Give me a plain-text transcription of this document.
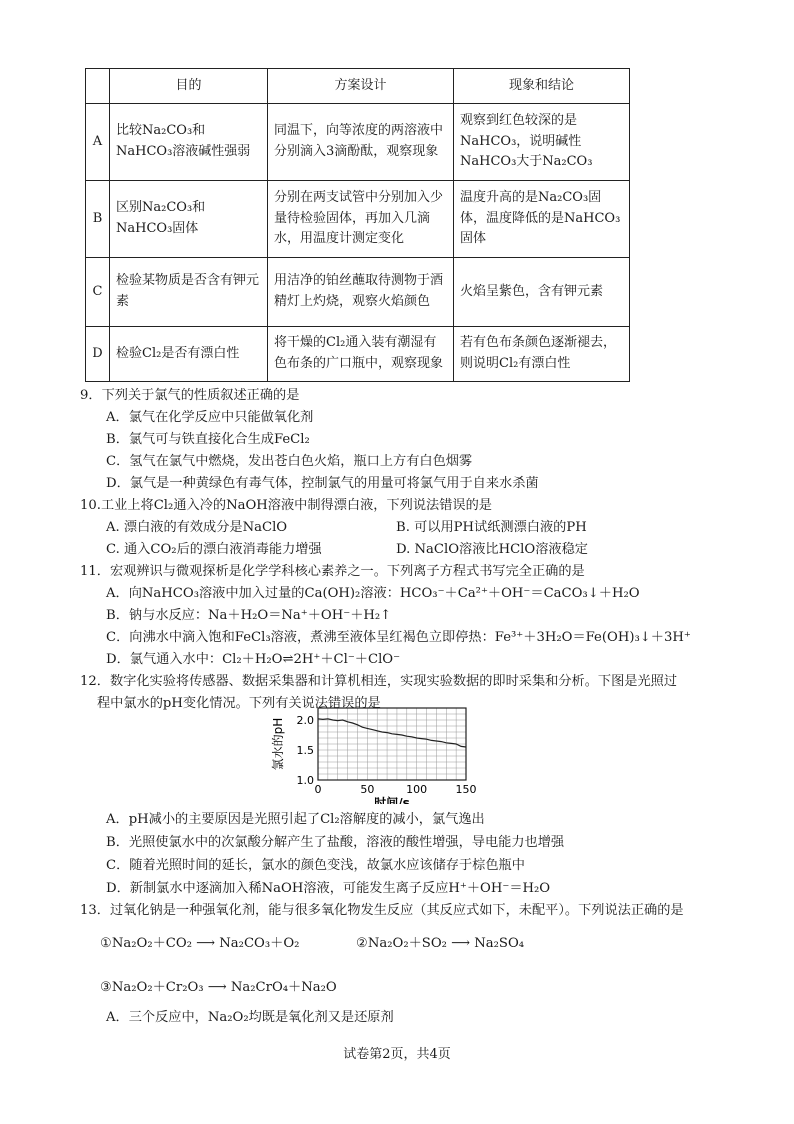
	目的	方案设计	现象和结论
A	比较Na₂CO₃和NaHCO₃溶液碱性强弱	同温下，向等浓度的两溶液中分别滴入3滴酚酞，观察现象	观察到红色较深的是NaHCO₃，说明碱性NaHCO₃大于Na₂CO₃
B	区别Na₂CO₃和NaHCO₃固体	分别在两支试管中分别加入少量待检验固体，再加入几滴水，用温度计测定变化	温度升高的是Na₂CO₃固体，温度降低的是NaHCO₃固体
C	检验某物质是否含有钾元素	用洁净的铂丝蘸取待测物于酒精灯上灼烧，观察火焰颜色	火焰呈紫色，含有钾元素
D	检验Cl₂是否有漂白性	将干燥的Cl₂通入装有潮湿有色布条的广口瓶中，观察现象	若有色布条颜色逐渐褪去，则说明Cl₂有漂白性
9．下列关于氯气的性质叙述正确的是
A．氯气在化学反应中只能做氧化剂
B．氯气可与铁直接化合生成FeCl₂
C．氢气在氯气中燃烧，发出苍白色火焰，瓶口上方有白色烟雾
D．氯气是一种黄绿色有毒气体，控制氯气的用量可将氯气用于自来水杀菌
10.工业上将Cl₂通入冷的NaOH溶液中制得漂白液，下列说法错误的是
A. 漂白液的有效成分是NaClO	B. 可以用PH试纸测漂白液的PH
C. 通入CO₂后的漂白液消毒能力增强	D. NaClO溶液比HClO溶液稳定
11．宏观辨识与微观探析是化学学科核心素养之一。下列离子方程式书写完全正确的是
A．向NaHCO₃溶液中加入过量的Ca(OH)₂溶液：HCO₃⁻＋Ca²⁺＋OH⁻＝CaCO₃↓＋H₂O
B．钠与水反应：Na＋H₂O＝Na⁺＋OH⁻＋H₂↑
C．向沸水中滴入饱和FeCl₃溶液，煮沸至液体呈红褐色立即停热：Fe³⁺＋3H₂O＝Fe(OH)₃↓＋3H⁺
D．氯气通入水中：Cl₂＋H₂O⇌2H⁺＋Cl⁻＋ClO⁻
12．数字化实验将传感器、数据采集器和计算机相连，实现实验数据的即时采集和分析。下图是光照过
程中氯水的pH变化情况。下列有关说法错误的是
1.0
1.5
2.0
0	50	100	150
氯水的pH
时间/s
A．pH减小的主要原因是光照引起了Cl₂溶解度的减小，氯气逸出
B．光照使氯水中的次氯酸分解产生了盐酸，溶液的酸性增强，导电能力也增强
C．随着光照时间的延长，氯水的颜色变浅，故氯水应该储存于棕色瓶中
D．新制氯水中逐滴加入稀NaOH溶液，可能发生离子反应H⁺＋OH⁻＝H₂O
13．过氧化钠是一种强氧化剂，能与很多氧化物发生反应（其反应式如下，未配平）。下列说法正确的是
①Na₂O₂＋CO₂ ⟶ Na₂CO₃＋O₂	②Na₂O₂＋SO₂ ⟶ Na₂SO₄
③Na₂O₂＋Cr₂O₃ ⟶ Na₂CrO₄＋Na₂O
A．三个反应中，Na₂O₂均既是氧化剂又是还原剂
试卷第2页，共4页
